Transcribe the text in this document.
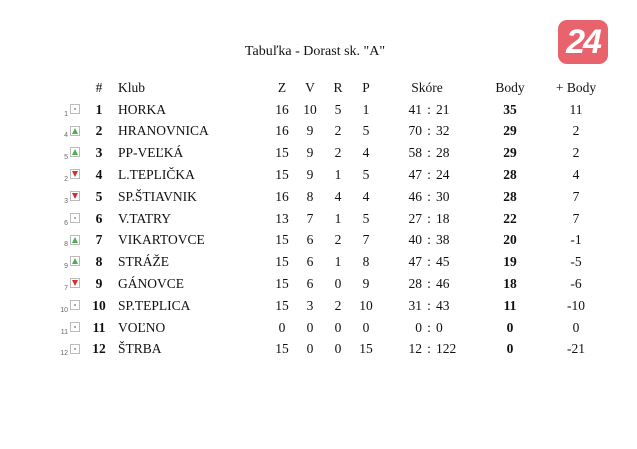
24
Tabuľka - Dorast sk. "A"
	#	Klub	Z	V	R	P	Skóre			Body	+ Body

1	1	HORKA	16	10	5	1	41	:	21	35	11

4	2	HRANOVNICA	16	9	2	5	70	:	32	29	2

5	3	PP-VEĽKÁ	15	9	2	4	58	:	28	29	2

2	4	L.TEPLIČKA	15	9	1	5	47	:	24	28	4

3	5	SP.ŠTIAVNIK	16	8	4	4	46	:	30	28	7

6	6	V.TATRY	13	7	1	5	27	:	18	22	7

8	7	VIKARTOVCE	15	6	2	7	40	:	38	20	-1

9	8	STRÁŽE	15	6	1	8	47	:	45	19	-5

7	9	GÁNOVCE	15	6	0	9	28	:	46	18	-6

10	10	SP.TEPLICA	15	3	2	10	31	:	43	11	-10

11	11	VOĽNO	0	0	0	0	0	:	0	0	0

12	12	ŠTRBA	15	0	0	15	12	:	122	0	-21
